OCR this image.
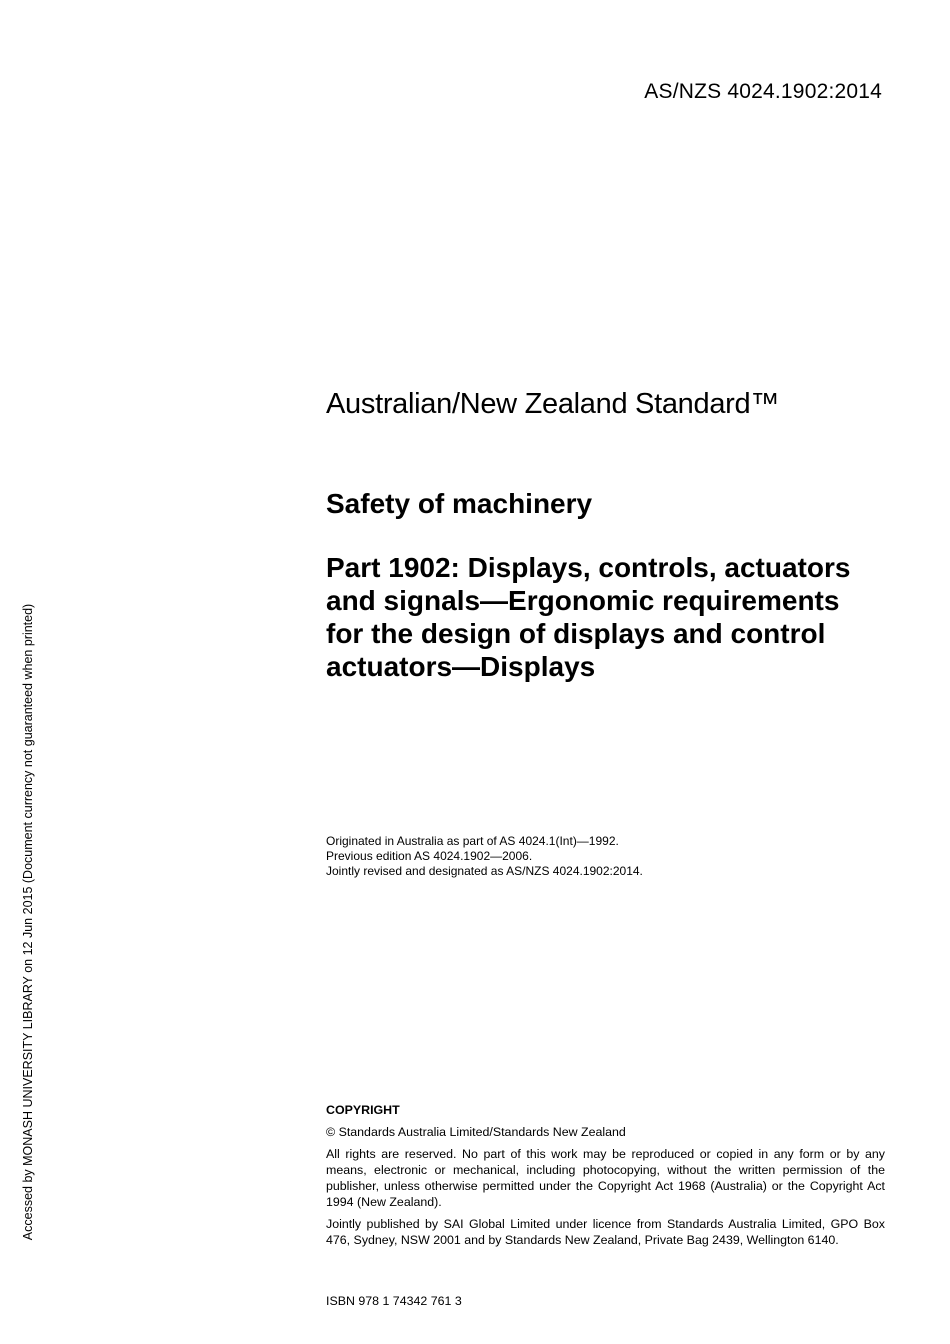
AS/NZS 4024.1902:2014
Australian/New Zealand Standard™
Safety of machinery
Part 1902: Displays, controls, actuators
and signals—Ergonomic requirements
for the design of displays and control
actuators—Displays
Originated in Australia as part of AS 4024.1(Int)—1992.
Previous edition AS 4024.1902—2006.
Jointly revised and designated as AS/NZS 4024.1902:2014.
COPYRIGHT

© Standards Australia Limited/Standards New Zealand

All rights are reserved. No part of this work may be reproduced or copied in any form or by any means, electronic or mechanical, including photocopying, without the written permission of the publisher, unless otherwise permitted under the Copyright Act 1968 (Australia) or the Copyright Act 1994 (New Zealand).

Jointly published by SAI Global Limited under licence from Standards Australia Limited, GPO Box 476, Sydney, NSW 2001 and by Standards New Zealand, Private Bag 2439, Wellington 6140.

ISBN 978 1 74342 761 3
Accessed by MONASH UNIVERSITY LIBRARY on 12 Jun 2015 (Document currency not guaranteed when printed)
